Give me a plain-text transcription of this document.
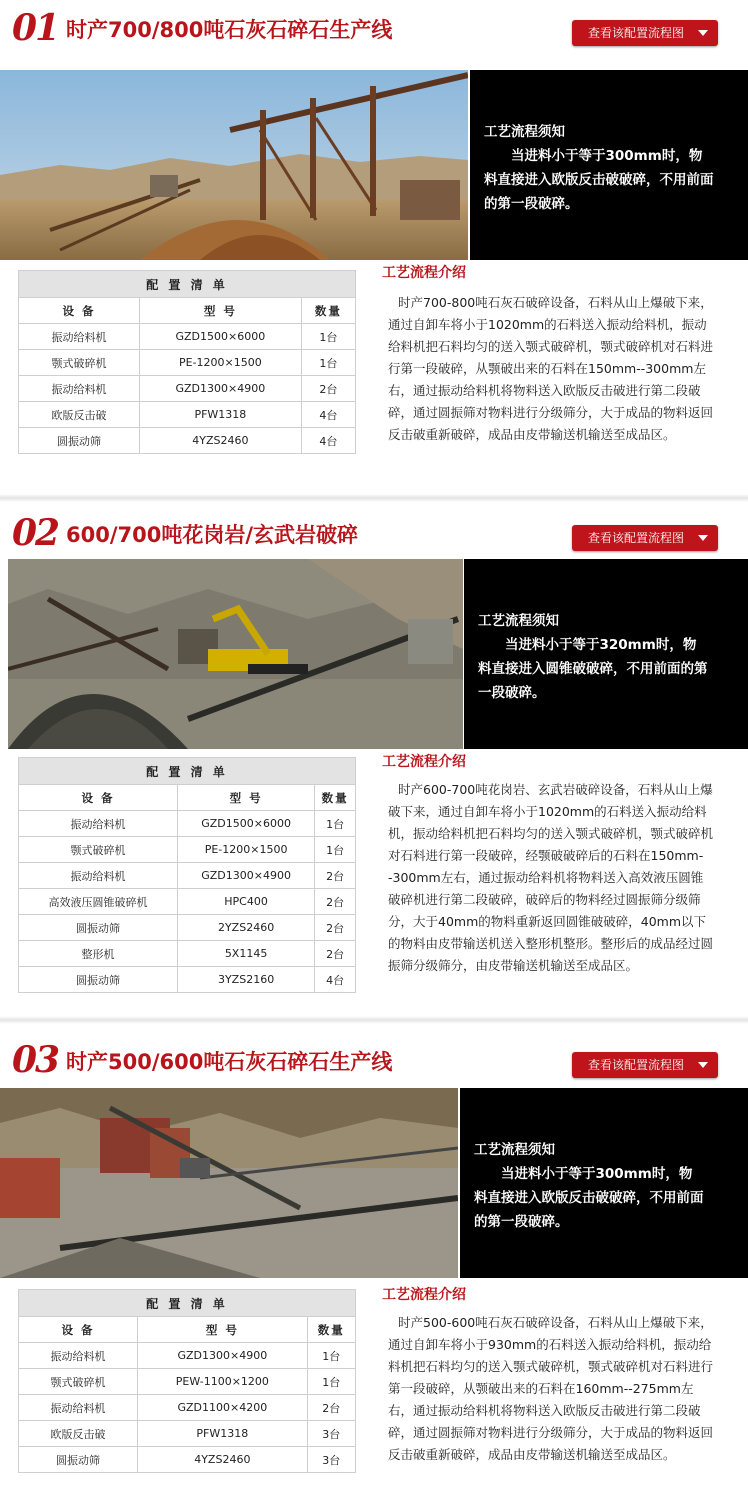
01 时产700/800吨石灰石碎石生产线	查看该配置流程图
工艺流程须知
当进料小于等于300mm时，物料直接进入欧版反击破破碎，不用前面的第一段破碎。
配 置 清 单		
设 备	型 号	数量
振动给料机	GZD1500×6000	1台
颚式破碎机	PE-1200×1500	1台
振动给料机	GZD1300×4900	2台
欧版反击破	PFW1318	4台
圆振动筛	4YZS2460	4台
工艺流程介绍
时产700-800吨石灰石破碎设备，石料从山上爆破下来，通过自卸车将小于1020mm的石料送入振动给料机，振动给料机把石料均匀的送入颚式破碎机，颚式破碎机对石料进行第一段破碎，从颚破出来的石料在150mm--300mm左右，通过振动给料机将物料送入欧版反击破进行第二段破碎，通过圆振筛对物料进行分级筛分，大于成品的物料返回反击破重新破碎，成品由皮带输送机输送至成品区。
02 600/700吨花岗岩/玄武岩破碎	查看该配置流程图
工艺流程须知
当进料小于等于320mm时，物料直接进入圆锥破破碎，不用前面的第一段破碎。
配 置 清 单		
设 备	型 号	数量
振动给料机	GZD1500×6000	1台
颚式破碎机	PE-1200×1500	1台
振动给料机	GZD1300×4900	2台
高效液压圆锥破碎机	HPC400	2台
圆振动筛	2YZS2460	2台
整形机	5X1145	2台
圆振动筛	3YZS2160	4台
工艺流程介绍
时产600-700吨花岗岩、玄武岩破碎设备，石料从山上爆破下来，通过自卸车将小于1020mm的石料送入振动给料机，振动给料机把石料均匀的送入颚式破碎机，颚式破碎机对石料进行第一段破碎，经颚破破碎后的石料在150mm--300mm左右，通过振动给料机将物料送入高效液压圆锥破碎机进行第二段破碎，破碎后的物料经过圆振筛分级筛分，大于40mm的物料重新返回圆锥破破碎，40mm以下的物料由皮带输送机送入整形机整形。整形后的成品经过圆振筛分级筛分，由皮带输送机输送至成品区。
03 时产500/600吨石灰石碎石生产线	查看该配置流程图
工艺流程须知
当进料小于等于300mm时，物料直接进入欧版反击破破碎，不用前面的第一段破碎。
配 置 清 单		
设 备	型 号	数量
振动给料机	GZD1300×4900	1台
颚式破碎机	PEW-1100×1200	1台
振动给料机	GZD1100×4200	2台
欧版反击破	PFW1318	3台
圆振动筛	4YZS2460	3台
工艺流程介绍
时产500-600吨石灰石破碎设备，石料从山上爆破下来，通过自卸车将小于930mm的石料送入振动给料机，振动给料机把石料均匀的送入颚式破碎机，颚式破碎机对石料进行第一段破碎，从颚破出来的石料在160mm--275mm左右，通过振动给料机将物料送入欧版反击破进行第二段破碎，通过圆振筛对物料进行分级筛分，大于成品的物料返回反击破重新破碎，成品由皮带输送机输送至成品区。
